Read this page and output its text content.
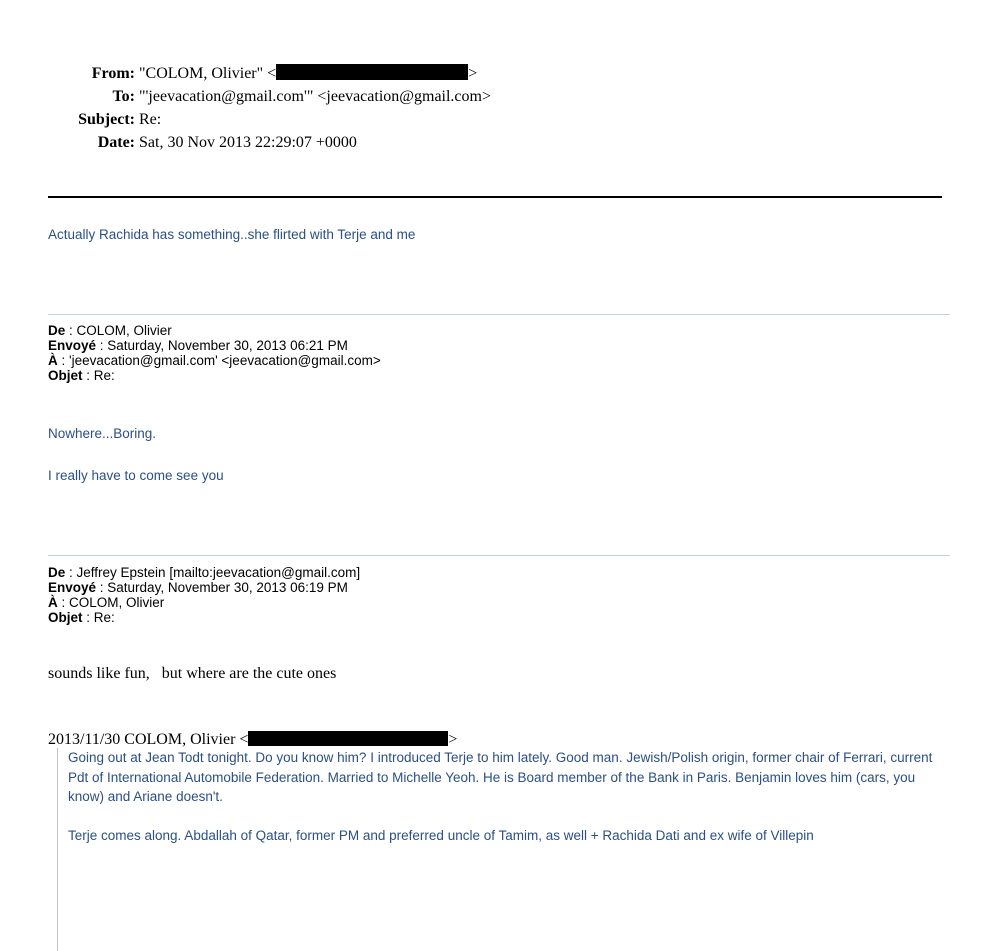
From: "COLOM, Olivier" <	>
To: "'jeevacation@gmail.com'" <jeevacation@gmail.com>
Subject: Re:
Date: Sat, 30 Nov 2013 22:29:07 +0000
Actually Rachida has something..she flirted with Terje and me
De : COLOM, Olivier
Envoyé : Saturday, November 30, 2013 06:21 PM
À : 'jeevacation@gmail.com' <jeevacation@gmail.com>
Objet : Re:
Nowhere...Boring.
I really have to come see you
De : Jeffrey Epstein [mailto:jeevacation@gmail.com]
Envoyé : Saturday, November 30, 2013 06:19 PM
À : COLOM, Olivier
Objet : Re:
sounds like fun,   but where are the cute ones
2013/11/30 COLOM, Olivier <	>

Going out at Jean Todt tonight. Do you know him? I introduced Terje to him lately. Good man. Jewish/Polish origin, former chair of Ferrari, current Pdt of International Automobile Federation. Married to Michelle Yeoh. He is Board member of the Bank in Paris. Benjamin loves him (cars, you know) and Ariane doesn't.

Terje comes along. Abdallah of Qatar, former PM and preferred uncle of Tamim, as well + Rachida Dati and ex wife of Villepin
